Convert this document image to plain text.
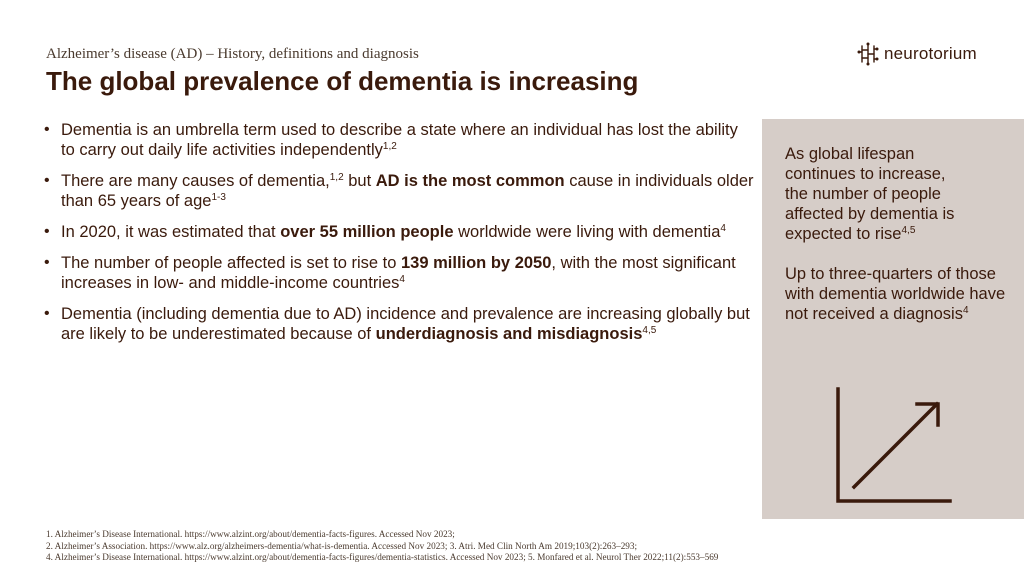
Alzheimer’s disease (AD) – History, definitions and diagnosis
The global prevalence of dementia is increasing
neurotorium
• Dementia is an umbrella term used to describe a state where an individual has lost the ability to carry out daily life activities independently$^{1,2}$
• There are many causes of dementia,$^{1,2}$ but AD is the most common cause in individuals older than 65 years of age$^{1-3}$
• In 2020, it was estimated that over 55 million people worldwide were living with dementia$^4$
• The number of people affected is set to rise to 139 million by 2050, with the most significant increases in low- and middle-income countries$^4$
• Dementia (including dementia due to AD) incidence and prevalence are increasing globally but are likely to be underestimated because of underdiagnosis and misdiagnosis$^{4,5}$

As global lifespan continues to increase, the number of people affected by dementia is expected to rise$^{4,5}$

Up to three-quarters of those with dementia worldwide have not received a diagnosis$^4$

1. Alzheimer’s Disease International. https://www.alzint.org/about/dementia-facts-figures. Accessed Nov 2023;
2. Alzheimer’s Association. https://www.alz.org/alzheimers-dementia/what-is-dementia. Accessed Nov 2023; 3. Atri. Med Clin North Am 2019;103(2):263–293;
4. Alzheimer’s Disease International. https://www.alzint.org/about/dementia-facts-figures/dementia-statistics. Accessed Nov 2023; 5. Monfared et al. Neurol Ther 2022;11(2):553–569
